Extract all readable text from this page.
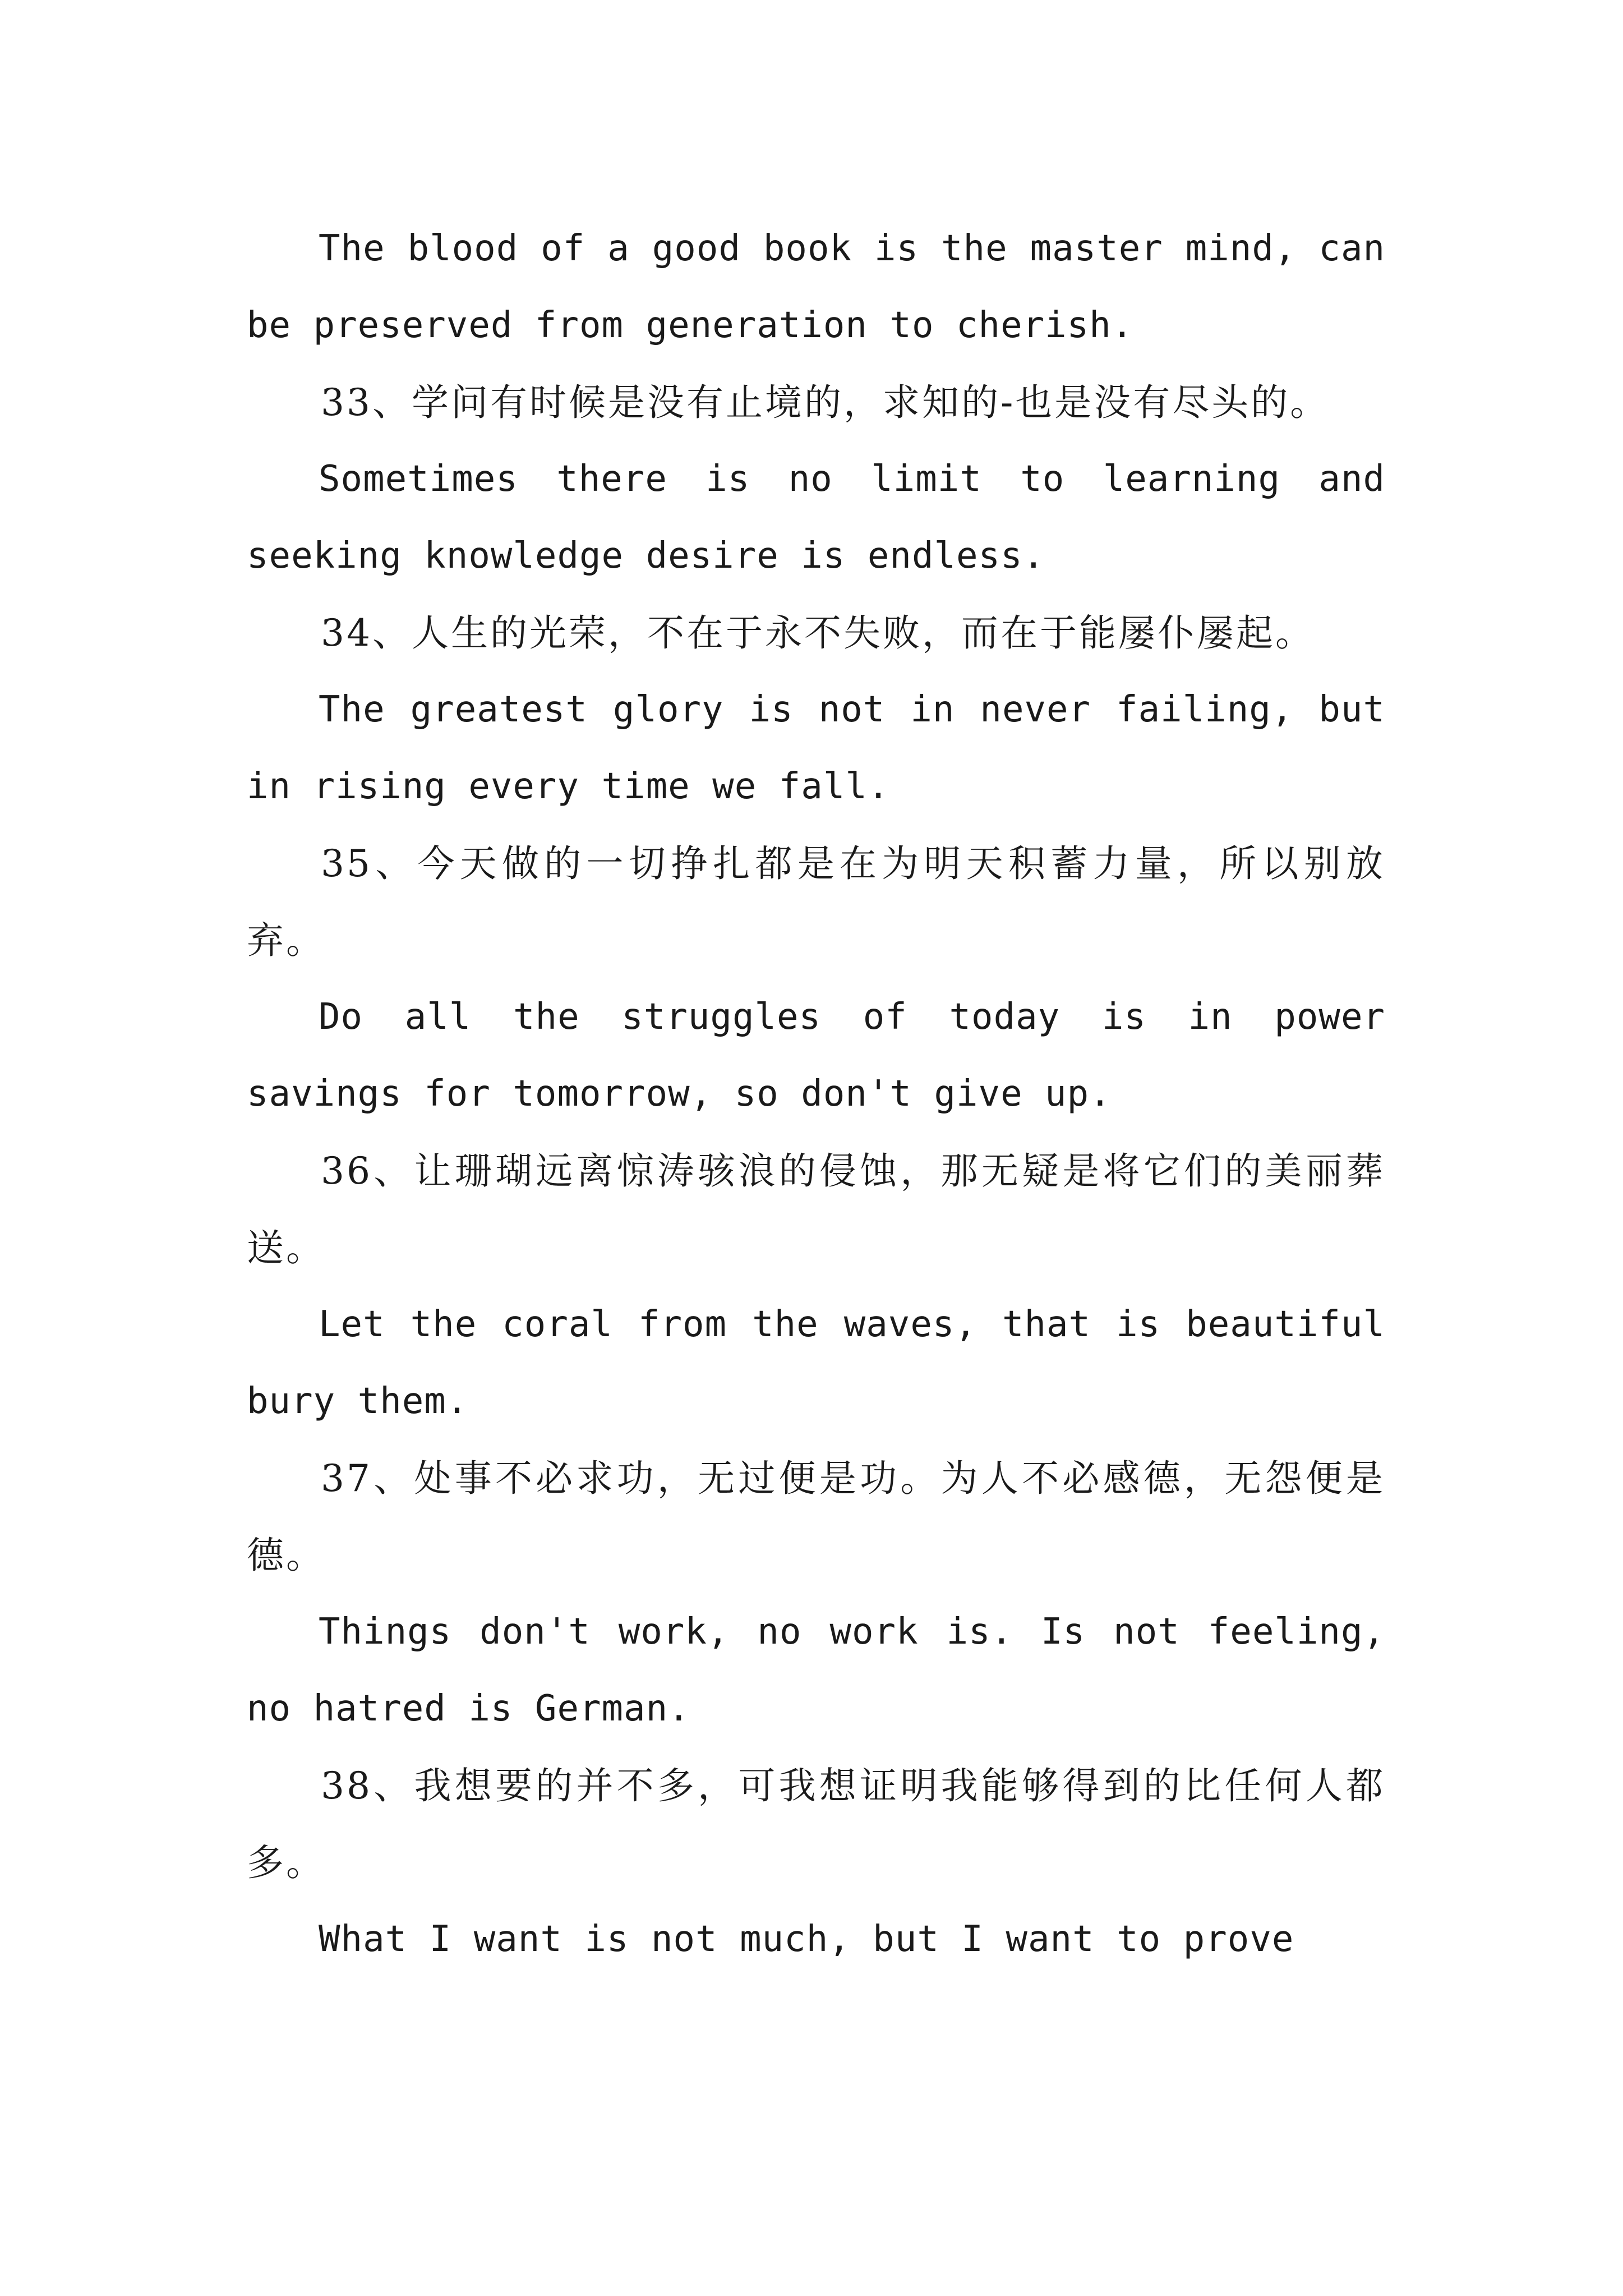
The blood of a good book is the master mind, can be preserved from generation to cherish.

33、学问有时候是没有止境的，求知的-也是没有尽头的。

Sometimes there is no limit to learning and seeking knowledge desire is endless.

34、人生的光荣，不在于永不失败，而在于能屡仆屡起。

The greatest glory is not in never failing, but in rising every time we fall.

35、今天做的一切挣扎都是在为明天积蓄力量，所以别放弃。

Do all the struggles of today is in power savings for tomorrow, so don't give up.

36、让珊瑚远离惊涛骇浪的侵蚀，那无疑是将它们的美丽葬送。

Let the coral from the waves, that is beautiful bury them.

37、处事不必求功，无过便是功。为人不必感德，无怨便是德。

Things don't work, no work is. Is not feeling, no hatred is German.

38、我想要的并不多，可我想证明我能够得到的比任何人都多。

What I want is not much, but I want to prove
